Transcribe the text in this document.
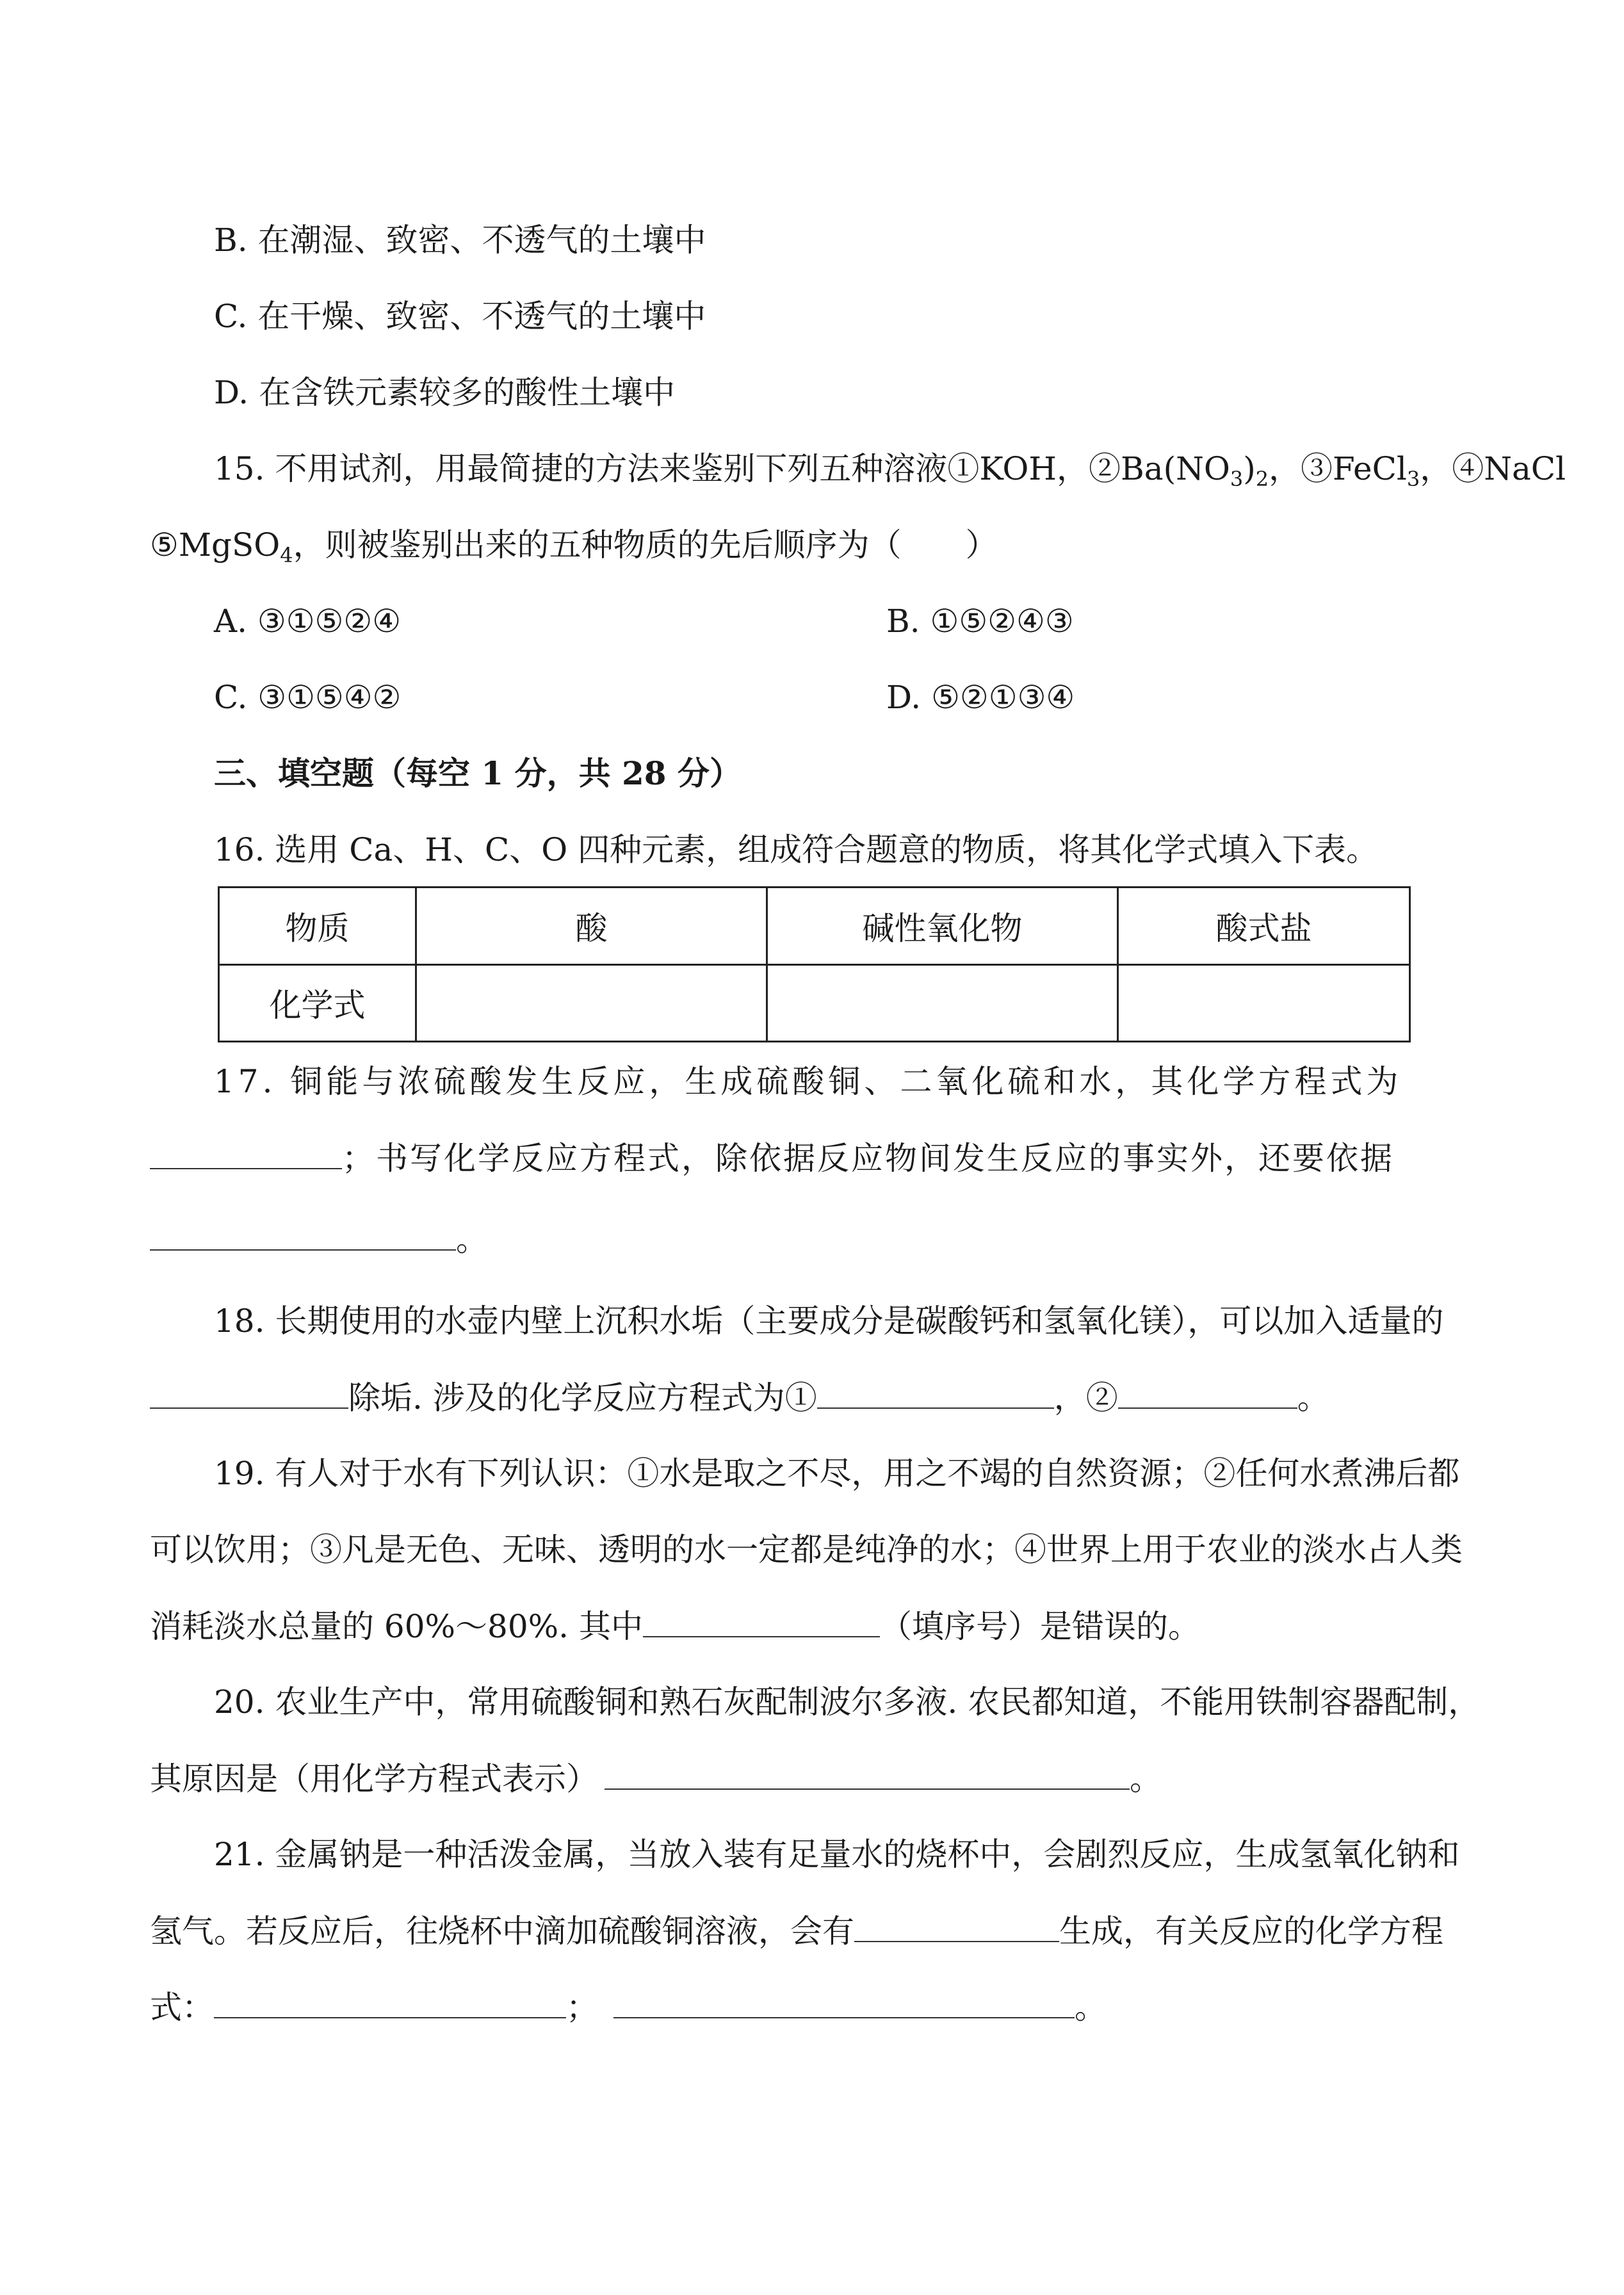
B. 在潮湿、致密、不透气的土壤中
C. 在干燥、致密、不透气的土壤中
D. 在含铁元素较多的酸性土壤中
15. 不用试剂，用最简捷的方法来鉴别下列五种溶液①KOH，$②Ba(NO_3)_2$，③FeCl$_3$，④NaCl
⑤MgSO$_4$，则被鉴别出来的五种物质的先后顺序为（　　）
A. ③①⑤②④	B. ①⑤②④③
C. ③①⑤④②	D. ⑤②①③④
三、填空题（每空 1 分，共 28 分）
16. 选用 Ca、H、C、O 四种元素，组成符合题意的物质，将其化学式填入下表。
物质	酸	碱性氧化物	酸式盐
化学式			
17. 铜能与浓硫酸发生反应，生成硫酸铜、二氧化硫和水，其化学方程式为
；书写化学反应方程式，除依据反应物间发生反应的事实外，还要依据
。
18. 长期使用的水壶内壁上沉积水垢（主要成分是碳酸钙和氢氧化镁），可以加入适量的
除垢. 涉及的化学反应方程式为①	，②	。
19. 有人对于水有下列认识：①水是取之不尽，用之不竭的自然资源；②任何水煮沸后都
可以饮用；③凡是无色、无味、透明的水一定都是纯净的水；④世界上用于农业的淡水占人类
消耗淡水总量的 60%～80%. 其中	（填序号）是错误的。
20. 农业生产中，常用硫酸铜和熟石灰配制波尔多液. 农民都知道，不能用铁制容器配制，
其原因是（用化学方程式表示）	。
21. 金属钠是一种活泼金属，当放入装有足量水的烧杯中，会剧烈反应，生成氢氧化钠和
氢气。若反应后，往烧杯中滴加硫酸铜溶液，会有	生成，有关反应的化学方程
式：	；	。
